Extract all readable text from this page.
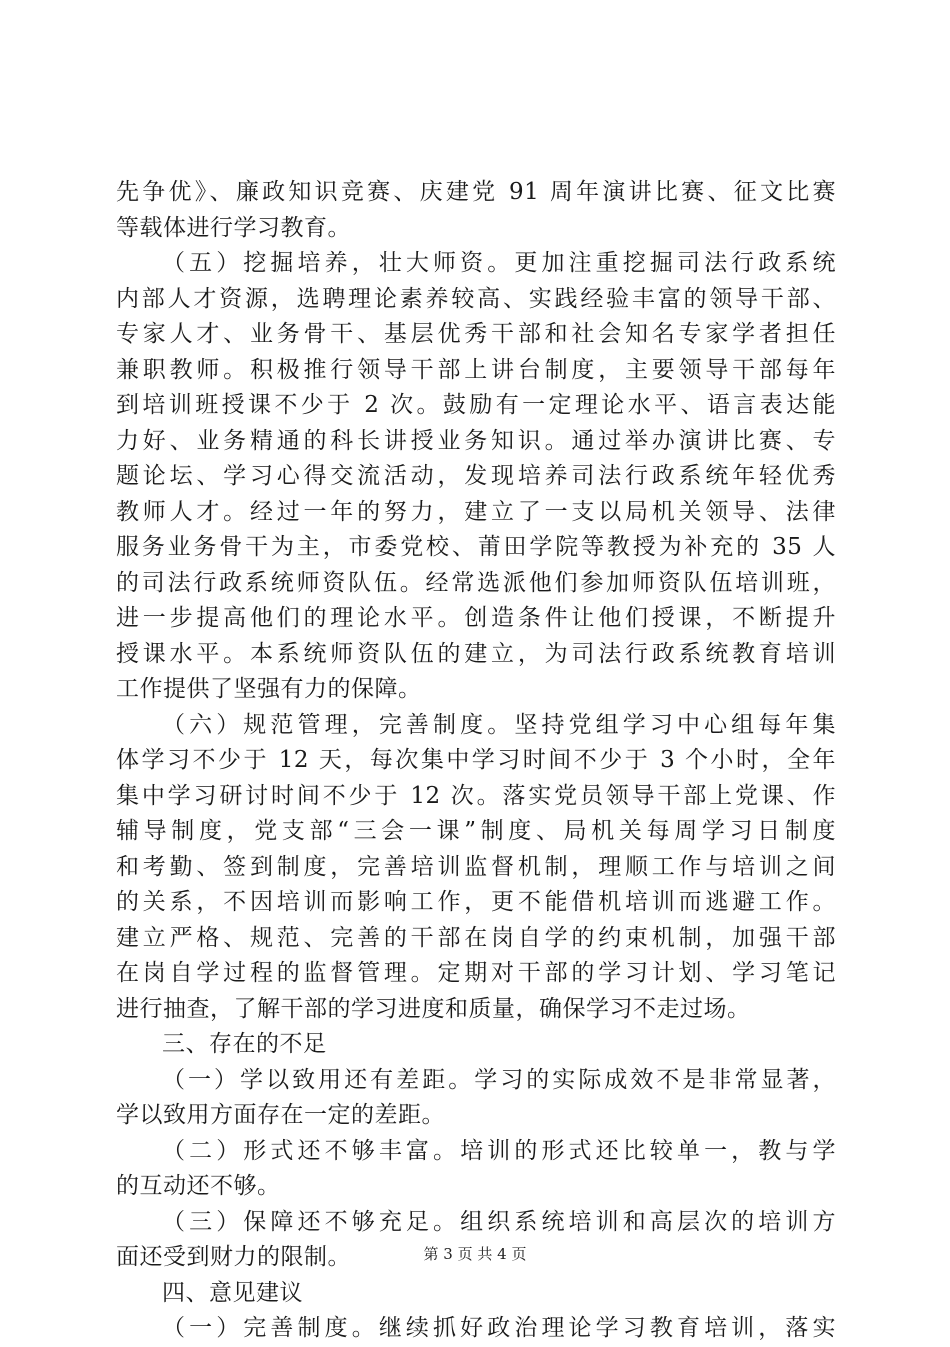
先争优》、廉政知识竞赛、庆建党 91 周年演讲比赛、征文比赛
等载体进行学习教育。
（五）挖掘培养，壮大师资。更加注重挖掘司法行政系统
内部人才资源，选聘理论素养较高、实践经验丰富的领导干部、
专家人才、业务骨干、基层优秀干部和社会知名专家学者担任
兼职教师。积极推行领导干部上讲台制度，主要领导干部每年
到培训班授课不少于 2 次。鼓励有一定理论水平、语言表达能
力好、业务精通的科长讲授业务知识。通过举办演讲比赛、专
题论坛、学习心得交流活动，发现培养司法行政系统年轻优秀
教师人才。经过一年的努力，建立了一支以局机关领导、法律
服务业务骨干为主，市委党校、莆田学院等教授为补充的 35 人
的司法行政系统师资队伍。经常选派他们参加师资队伍培训班，
进一步提高他们的理论水平。创造条件让他们授课，不断提升
授课水平。本系统师资队伍的建立，为司法行政系统教育培训
工作提供了坚强有力的保障。
（六）规范管理，完善制度。坚持党组学习中心组每年集
体学习不少于 12 天，每次集中学习时间不少于 3 个小时，全年
集中学习研讨时间不少于 12 次。落实党员领导干部上党课、作
辅导制度，党支部“三会一课”制度、局机关每周学习日制度
和考勤、签到制度，完善培训监督机制，理顺工作与培训之间
的关系，不因培训而影响工作，更不能借机培训而逃避工作。
建立严格、规范、完善的干部在岗自学的约束机制，加强干部
在岗自学过程的监督管理。定期对干部的学习计划、学习笔记
进行抽查，了解干部的学习进度和质量，确保学习不走过场。
三、存在的不足
（一）学以致用还有差距。学习的实际成效不是非常显著，
学以致用方面存在一定的差距。
（二）形式还不够丰富。培训的形式还比较单一，教与学
的互动还不够。
（三）保障还不够充足。组织系统培训和高层次的培训方
面还受到财力的限制。
四、意见建议
（一）完善制度。继续抓好政治理论学习教育培训，落实
第 3 页 共 4 页
